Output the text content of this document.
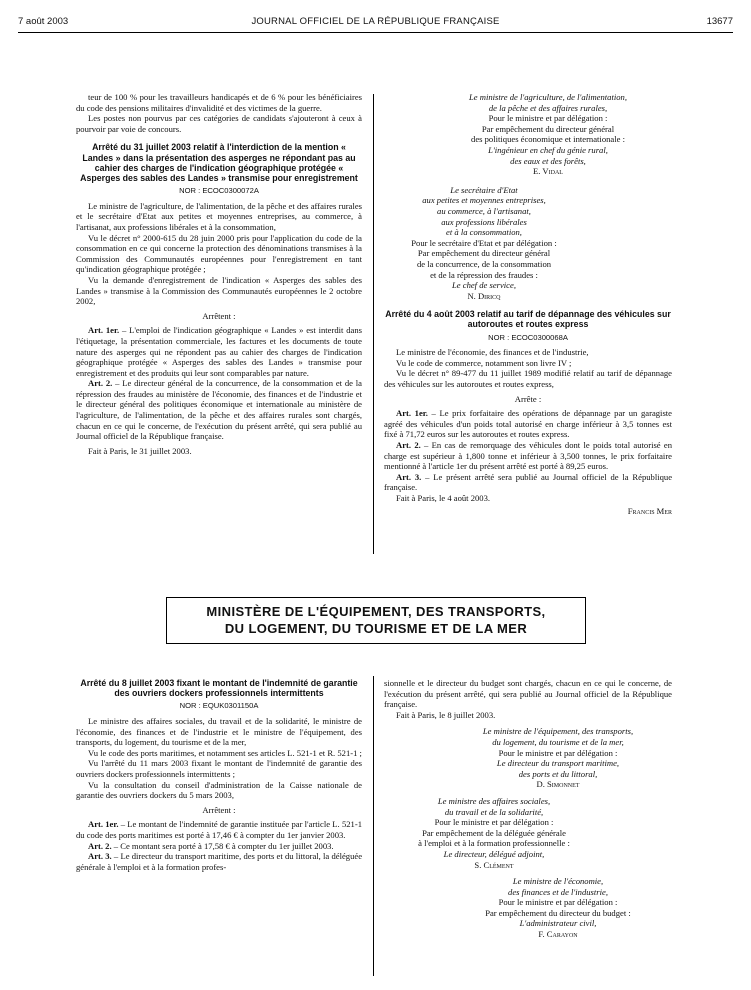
7 août 2003	JOURNAL OFFICIEL DE LA RÉPUBLIQUE FRANÇAISE	13677

teur de 100 % pour les travailleurs handicapés et de 6 % pour les bénéficiaires du code des pensions militaires d'invalidité et des victimes de la guerre.

Les postes non pourvus par ces catégories de candidats s'ajouteront à ceux à pourvoir par voie de concours.

Arrêté du 31 juillet 2003 relatif à l'interdiction de la mention « Landes » dans la présentation des asperges ne répondant pas au cahier des charges de l'indication géographique protégée « Asperges des sables des Landes » transmise pour enregistrement

NOR : ECOC0300072A

Le ministre de l'agriculture, de l'alimentation, de la pêche et des affaires rurales et le secrétaire d'Etat aux petites et moyennes entreprises, au commerce, à l'artisanat, aux professions libérales et à la consommation,

Vu le décret n° 2000-615 du 28 juin 2000 pris pour l'application du code de la consommation en ce qui concerne la protection des dénominations transmises à la Commission des Communautés européennes pour l'enregistrement en tant qu'indication géographique protégée ;

Vu la demande d'enregistrement de l'indication « Asperges des sables des Landes » transmise à la Commission des Communautés européennes le 2 octobre 2002,

Arrêtent :

Art. 1er. – L'emploi de l'indication géographique « Landes » est interdit dans l'étiquetage, la présentation commerciale, les factures et les documents de toute nature des asperges qui ne répondent pas au cahier des charges de l'indication géographique protégée « Asperges des sables des Landes » transmise pour enregistrement et des produits qui leur sont comparables par nature.

Art. 2. – Le directeur général de la concurrence, de la consommation et de la répression des fraudes au ministère de l'économie, des finances et de l'industrie et le directeur général des politiques économique et internationale au ministère de l'agriculture, de l'alimentation, de la pêche et des affaires rurales sont chargés, chacun en ce qui le concerne, de l'exécution du présent arrêté, qui sera publié au Journal officiel de la République française.

Fait à Paris, le 31 juillet 2003.

Le ministre de l'agriculture, de l'alimentation,

de la pêche et des affaires rurales,

Pour le ministre et par délégation :

Par empêchement du directeur général

des politiques économique et internationale :

L'ingénieur en chef du génie rural,

des eaux et des forêts,

E. Vidal

Le secrétaire d'Etat

aux petites et moyennes entreprises,

au commerce, à l'artisanat,

aux professions libérales

et à la consommation,

Pour le secrétaire d'Etat et par délégation :

Par empêchement du directeur général

de la concurrence, de la consommation

et de la répression des fraudes :

Le chef de service,

N. Diricq

Arrêté du 4 août 2003 relatif au tarif de dépannage des véhicules sur autoroutes et routes express

NOR : ECOC0300068A

Le ministre de l'économie, des finances et de l'industrie,

Vu le code de commerce, notamment son livre IV ;

Vu le décret n° 89-477 du 11 juillet 1989 modifié relatif au tarif de dépannage des véhicules sur les autoroutes et routes express,

Arrête :

Art. 1er. – Le prix forfaitaire des opérations de dépannage par un garagiste agréé des véhicules d'un poids total autorisé en charge inférieur à 3,5 tonnes est fixé à 71,72 euros sur les autoroutes et routes express.

Art. 2. – En cas de remorquage des véhicules dont le poids total autorisé en charge est supérieur à 1,800 tonne et inférieur à 3,500 tonnes, le prix forfaitaire mentionné à l'article 1er du présent arrêté est porté à 89,25 euros.

Art. 3. – Le présent arrêté sera publié au Journal officiel de la République française.

Fait à Paris, le 4 août 2003.

Francis Mer

MINISTÈRE DE L'ÉQUIPEMENT, DES TRANSPORTS,
DU LOGEMENT, DU TOURISME ET DE LA MER

Arrêté du 8 juillet 2003 fixant le montant de l'indemnité de garantie des ouvriers dockers professionnels intermittents

NOR : EQUK0301150A

Le ministre des affaires sociales, du travail et de la solidarité, le ministre de l'économie, des finances et de l'industrie et le ministre de l'équipement, des transports, du logement, du tourisme et de la mer,

Vu le code des ports maritimes, et notamment ses articles L. 521-1 et R. 521-1 ;

Vu l'arrêté du 11 mars 2003 fixant le montant de l'indemnité de garantie des ouvriers dockers professionnels intermittents ;

Vu la consultation du conseil d'administration de la Caisse nationale de garantie des ouvriers dockers du 5 mars 2003,

Arrêtent :

Art. 1er. – Le montant de l'indemnité de garantie instituée par l'article L. 521-1 du code des ports maritimes est porté à 17,46 € à compter du 1er janvier 2003.

Art. 2. – Ce montant sera porté à 17,58 € à compter du 1er juillet 2003.

Art. 3. – Le directeur du transport maritime, des ports et du littoral, la déléguée générale à l'emploi et à la formation profes-

sionnelle et le directeur du budget sont chargés, chacun en ce qui le concerne, de l'exécution du présent arrêté, qui sera publié au Journal officiel de la République française.

Fait à Paris, le 8 juillet 2003.

Le ministre de l'équipement, des transports,

du logement, du tourisme et de la mer,

Pour le ministre et par délégation :

Le directeur du transport maritime,

des ports et du littoral,

D. Simonnet

Le ministre des affaires sociales,

du travail et de la solidarité,

Pour le ministre et par délégation :

Par empêchement de la déléguée générale

à l'emploi et à la formation professionnelle :

Le directeur, délégué adjoint,

S. Clément

Le ministre de l'économie,

des finances et de l'industrie,

Pour le ministre et par délégation :

Par empêchement du directeur du budget :

L'administrateur civil,

F. Carayon
